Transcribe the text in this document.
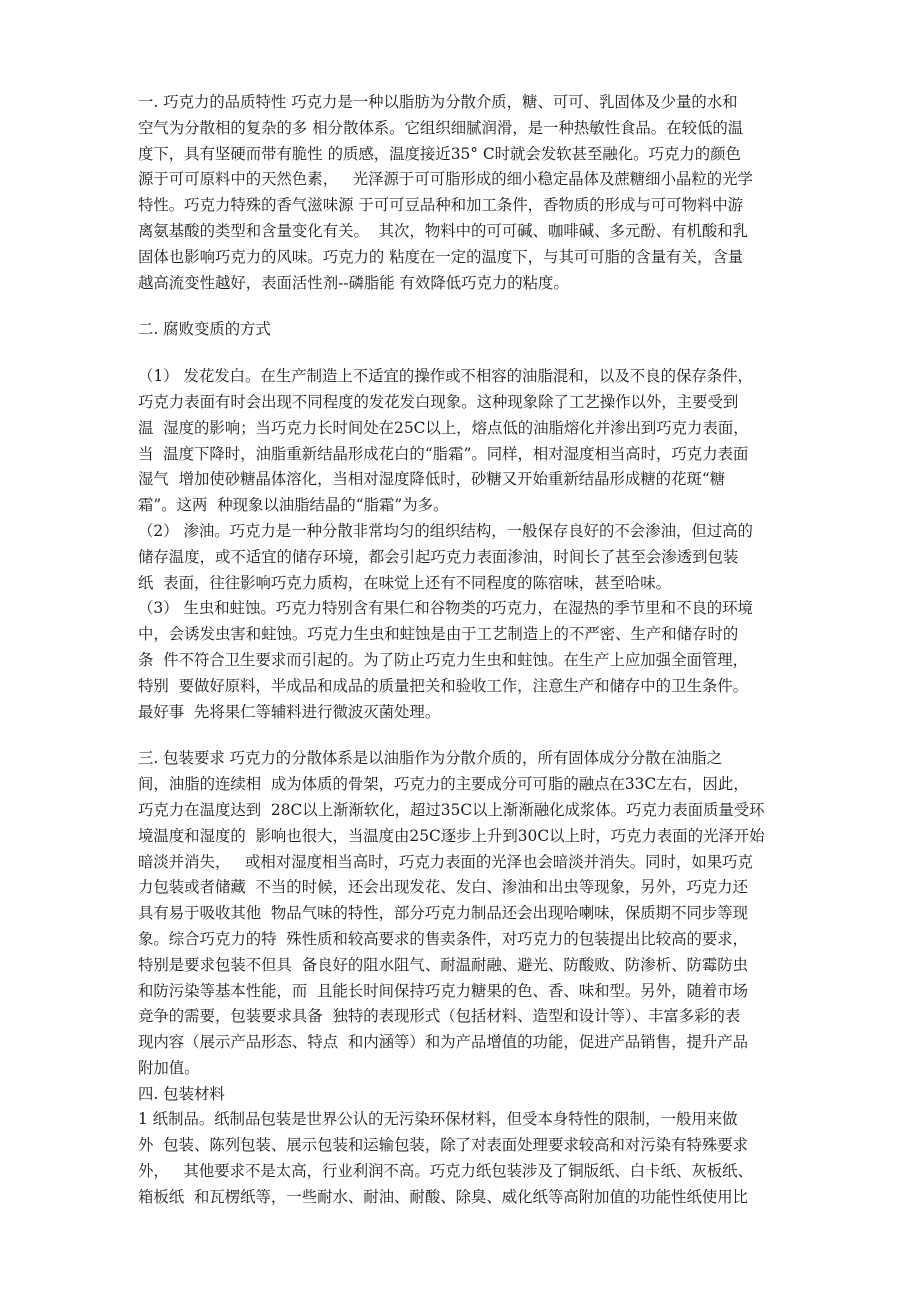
一. 巧克力的品质特性 巧克力是一种以脂肪为分散介质，糖、可可、乳固体及少量的水和
空气为分散相的复杂的多 相分散体系。它组织细腻润滑，是一种热敏性食品。在较低的温
度下，具有坚硬而带有脆性 的质感，温度接近35° C时就会发软甚至融化。巧克力的颜色
源于可可原料中的天然色素，   光泽源于可可脂形成的细小稳定晶体及蔗糖细小晶粒的光学
特性。巧克力特殊的香气滋味源 于可可豆品种和加工条件，香物质的形成与可可物料中游
离氨基酸的类型和含量变化有关。  其次，物料中的可可碱、咖啡碱、多元酚、有机酸和乳
固体也影响巧克力的风味。巧克力的 粘度在一定的温度下，与其可可脂的含量有关，含量
越高流变性越好，表面活性剂--磷脂能 有效降低巧克力的粘度。
二. 腐败变质的方式
（1） 发花发白。在生产制造上不适宜的操作或不相容的油脂混和，以及不良的保存条件，
巧克力表面有时会出现不同程度的发花发白现象。这种现象除了工艺操作以外，主要受到
温  湿度的影响；当巧克力长时间处在25C以上，熔点低的油脂熔化并渗出到巧克力表面，
当  温度下降时，油脂重新结晶形成花白的“脂霜”。同样，相对湿度相当高时，巧克力表面
湿气  增加使砂糖晶体溶化，当相对湿度降低时，砂糖又开始重新结晶形成糖的花斑“糖
霜”。这两  种现象以油脂结晶的“脂霜”为多。
（2） 渗油。巧克力是一种分散非常均匀的组织结构，一般保存良好的不会渗油，但过高的
储存温度，或不适宜的储存环境，都会引起巧克力表面渗油，时间长了甚至会渗透到包装
纸  表面，往往影响巧克力质构，在味觉上还有不同程度的陈宿味，甚至哈味。
（3） 生虫和蛀蚀。巧克力特别含有果仁和谷物类的巧克力，在湿热的季节里和不良的环境
中，会诱发虫害和蛀蚀。巧克力生虫和蛀蚀是由于工艺制造上的不严密、生产和储存时的
条  件不符合卫生要求而引起的。为了防止巧克力生虫和蛀蚀。在生产上应加强全面管理，
特别  要做好原料，半成品和成品的质量把关和验收工作，注意生产和储存中的卫生条件。
最好事  先将果仁等辅料进行微波灭菌处理。
三. 包装要求 巧克力的分散体系是以油脂作为分散介质的，所有固体成分分散在油脂之
间，油脂的连续相  成为体质的骨架，巧克力的主要成分可可脂的融点在33C左右，因此，
巧克力在温度达到  28C以上渐渐软化，超过35C以上渐渐融化成浆体。巧克力表面质量受环
境温度和湿度的  影响也很大，当温度由25C逐步上升到30C以上时，巧克力表面的光泽开始
暗淡并消失，   或相对湿度相当高时，巧克力表面的光泽也会暗淡并消失。同时，如果巧克
力包装或者储藏  不当的时候，还会出现发花、发白、渗油和出虫等现象，另外，巧克力还
具有易于吸收其他  物品气味的特性，部分巧克力制品还会出现哈喇味，保质期不同步等现
象。综合巧克力的特  殊性质和较高要求的售卖条件，对巧克力的包装提出比较高的要求，
特别是要求包装不但具  备良好的阻水阻气、耐温耐融、避光、防酸败、防渗析、防霉防虫
和防污染等基本性能，而  且能长时间保持巧克力糖果的色、香、味和型。另外，随着市场
竞争的需要，包装要求具备  独特的表现形式（包括材料、造型和设计等）、丰富多彩的表
现内容（展示产品形态、特点  和内涵等）和为产品增值的功能，促进产品销售，提升产品
附加值。
四. 包装材料
1 纸制品。纸制品包装是世界公认的无污染环保材料，但受本身特性的限制，一般用来做
外  包装、陈列包装、展示包装和运输包装，除了对表面处理要求较高和对污染有特殊要求
外，   其他要求不是太高，行业利润不高。巧克力纸包装涉及了铜版纸、白卡纸、灰板纸、
箱板纸  和瓦楞纸等，一些耐水、耐油、耐酸、除臭、威化纸等高附加值的功能性纸使用比
